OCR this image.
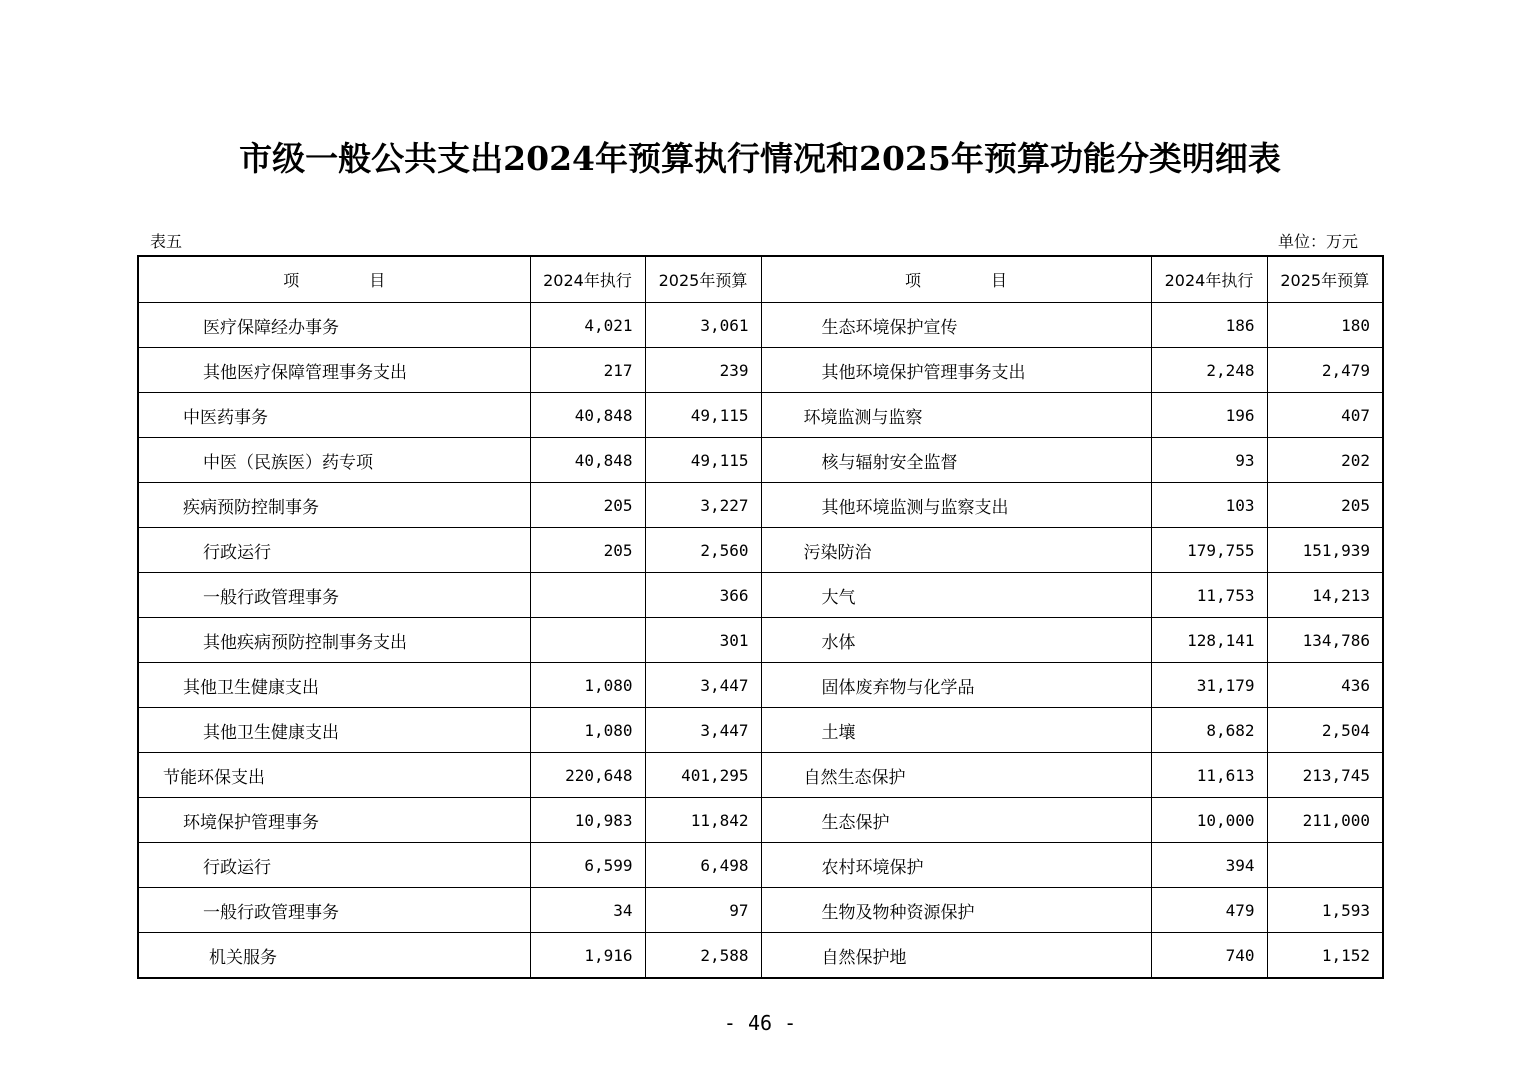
市级一般公共支出2024年预算执行情况和2025年预算功能分类明细表
表五	单位：万元
项 目	2024年执行	2025年预算	项 目	2024年执行	2025年预算
医疗保障经办事务	4,021	3,061	生态环境保护宣传	186	180
其他医疗保障管理事务支出	217	239	其他环境保护管理事务支出	2,248	2,479
中医药事务	40,848	49,115	环境监测与监察	196	407
中医（民族医）药专项	40,848	49,115	核与辐射安全监督	93	202
疾病预防控制事务	205	3,227	其他环境监测与监察支出	103	205
行政运行	205	2,560	污染防治	179,755	151,939
一般行政管理事务		366	大气	11,753	14,213
其他疾病预防控制事务支出		301	水体	128,141	134,786
其他卫生健康支出	1,080	3,447	固体废弃物与化学品	31,179	436
其他卫生健康支出	1,080	3,447	土壤	8,682	2,504
节能环保支出	220,648	401,295	自然生态保护	11,613	213,745
环境保护管理事务	10,983	11,842	生态保护	10,000	211,000
行政运行	6,599	6,498	农村环境保护	394	
一般行政管理事务	34	97	生物及物种资源保护	479	1,593
机关服务	1,916	2,588	自然保护地	740	1,152
- 46 -
